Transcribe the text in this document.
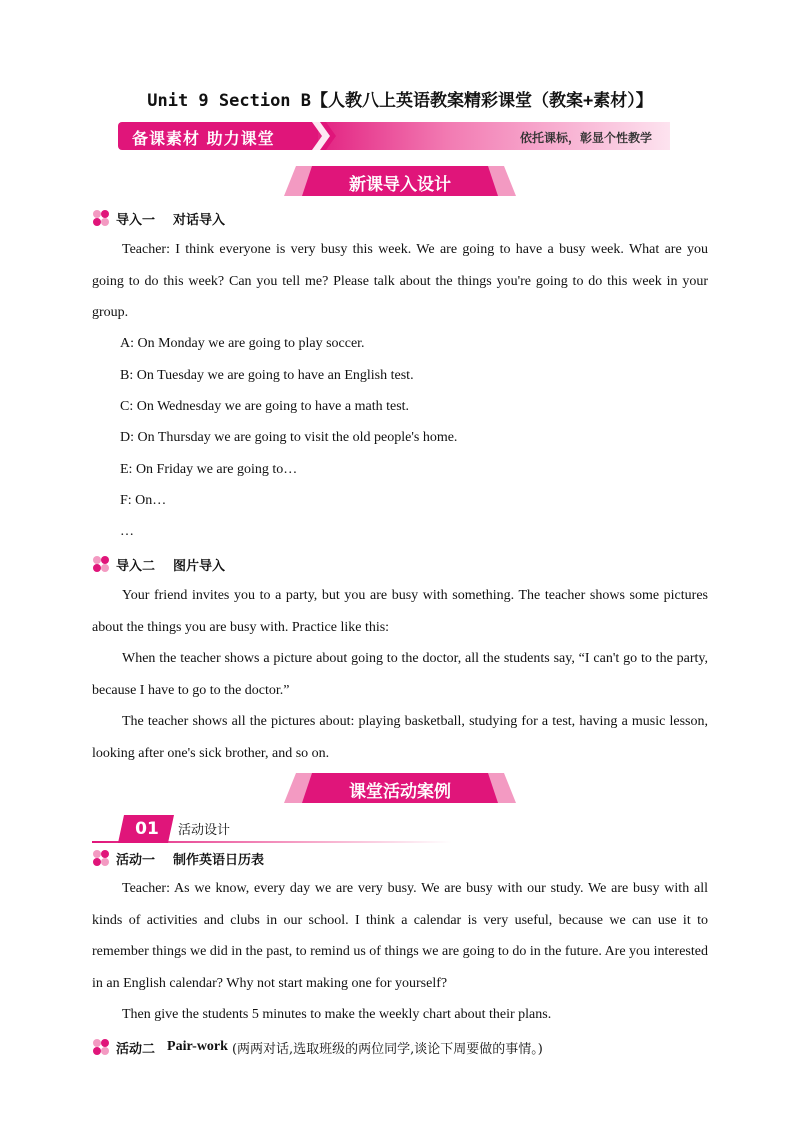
Unit 9 Section B【人教八上英语教案精彩课堂（教案+素材）】
备课素材 助力课堂	依托课标，彰显个性教学
新课导入设计
导入一 对话导入
Teacher: I think everyone is very busy this week. We are going to have a busy week. What are you going to do this week? Can you tell me? Please talk about the things you're going to do this week in your group.
A: On Monday we are going to play soccer.
B: On Tuesday we are going to have an English test.
C: On Wednesday we are going to have a math test.
D: On Thursday we are going to visit the old people's home.
E: On Friday we are going to…
F: On…
…
导入二 图片导入
Your friend invites you to a party, but you are busy with something. The teacher shows some pictures about the things you are busy with. Practice like this:
When the teacher shows a picture about going to the doctor, all the students say, “I can't go to the party, because I have to go to the doctor.”
The teacher shows all the pictures about: playing basketball, studying for a test, having a music lesson, looking after one's sick brother, and so on.
课堂活动案例
01	活动设计
活动一 制作英语日历表
Teacher: As we know, every day we are very busy. We are busy with our study. We are busy with all kinds of activities and clubs in our school. I think a calendar is very useful, because we can use it to remember things we did in the past, to remind us of things we are going to do in the future. Are you interested in an English calendar? Why not start making one for yourself?
Then give the students 5 minutes to make the weekly chart about their plans.
活动二 Pair-work (两两对话,选取班级的两位同学,谈论下周要做的事情。)
